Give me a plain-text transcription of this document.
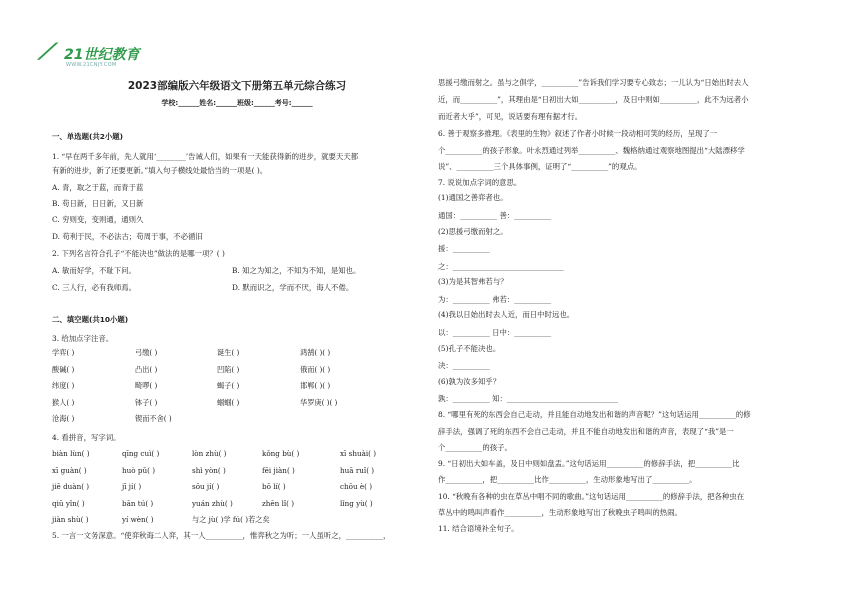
⟋ 21世纪教育
WWW.21CNJY.COM
2023部编版六年级语文下册第五单元综合练习
学校:______姓名:______班级:______考号:______
一、单选题(共2小题)
1. “早在两千多年前，先人就用‘________’告诫人们，如果有一天能获得新的进步，就要天天都
有新的进步，新了还要更新。”填入句子横线处最恰当的一项是( )。
A. 青，取之于蓝，而青于蓝
B. 苟日新，日日新，又日新
C. 穷则变，变则通，通则久
D. 苟利于民，不必法古；苟周于事，不必循旧
2. 下列名言符合孔子“不能决也”做法的是哪一项？( )
A. 敏而好学，不耻下问。	B. 知之为知之，不知为不知，是知也。
C. 三人行，必有我师焉。	D. 默而识之，学而不厌，诲人不倦。
二、填空题(共10小题)
3. 给加点字注音。
学弈( )	弓缴( )	诞生( )	鸿鹄( )( )
酸碱( )	凸出( )	凹陷( )	俄而( )( )
纬度( )	畸啰( )	蝎子( )	邯郸( )( )
猴人( )	钵子( )	蝈蝈( )	华罗庚( )( )
沧海( )	锲而不舍( )
4. 看拼音，写字词。
biàn lùn( )	qīng cuì( )	lòn zhù( )	kǒng bù( )	xī shuài( )
xī guàn( )	huò pǔ( )	shì yòn( )	fēi jiàn( )	huā ruǐ( )
jiē duàn( )	jī jí( )	sōu jí( )	bō lí( )	chōu è( )
qiū yǐn( )	bān tú( )	yuán zhù( )	zhēn lǐ( )	lǐng yù( )
jiàn shù( )	yí wèn( )	与之 jù( )学 fú( )若之矣
5. 一言一文务深意。“使弈秋诲二人弈，其一人__________，惟弈秋之为听；一人虽听之，__________，
思援弓缴而射之。虽与之俱学，__________”告诉我们学习要专心致志；一儿认为“日始出时去人
近，而__________”，其理由是“日初出大如__________，及日中则如__________，此不为远者小
而近者大乎”，可见，说话要有理有据才行。
6. 善于观察多推理。《表里的生物》叙述了作者小时候一段动相可笑的经历，呈现了一
个__________的孩子形象。叶永烈通过列举__________、魏格纳通过观察地图提出“大陆漂移学
说”、__________三个具体事例，证明了“__________”的观点。
7. 说说加点字词的意思。
(1)通国之善弈者也。
通国：__________ 善：__________
(2)思援弓缴而射之。
援：__________
之：______________________________
(3)为是其智弗若与？
为：__________ 弗若：__________
(4)我以日始出时去人近，而日中时远也。
以：__________ 日中：__________
(5)孔子不能决也。
决：__________
(6)孰为汝多知乎？
孰：__________ 知：______________________________
8. “哪里有死的东西会自己走动，并且能自动地发出和谐的声音呢？”这句话运用__________的修
辞手法，强调了死的东西不会自己走动，并且不能自动地发出和谐的声音，表现了“我”是一
个__________的孩子。
9. “日初出大如车盖，及日中则如盘盂。”这句话运用__________的修辞手法，把__________比
作__________，把__________比作__________，生动形象地写出了__________。
10. “秋晚有各种的虫在草丛中唱不同的歌曲。”这句话运用__________的修辞手法，把各种虫在
草丛中的鸣叫声看作__________，生动形象地写出了秋晚虫子鸣叫的热闹。
11. 结合语境补全句子。
